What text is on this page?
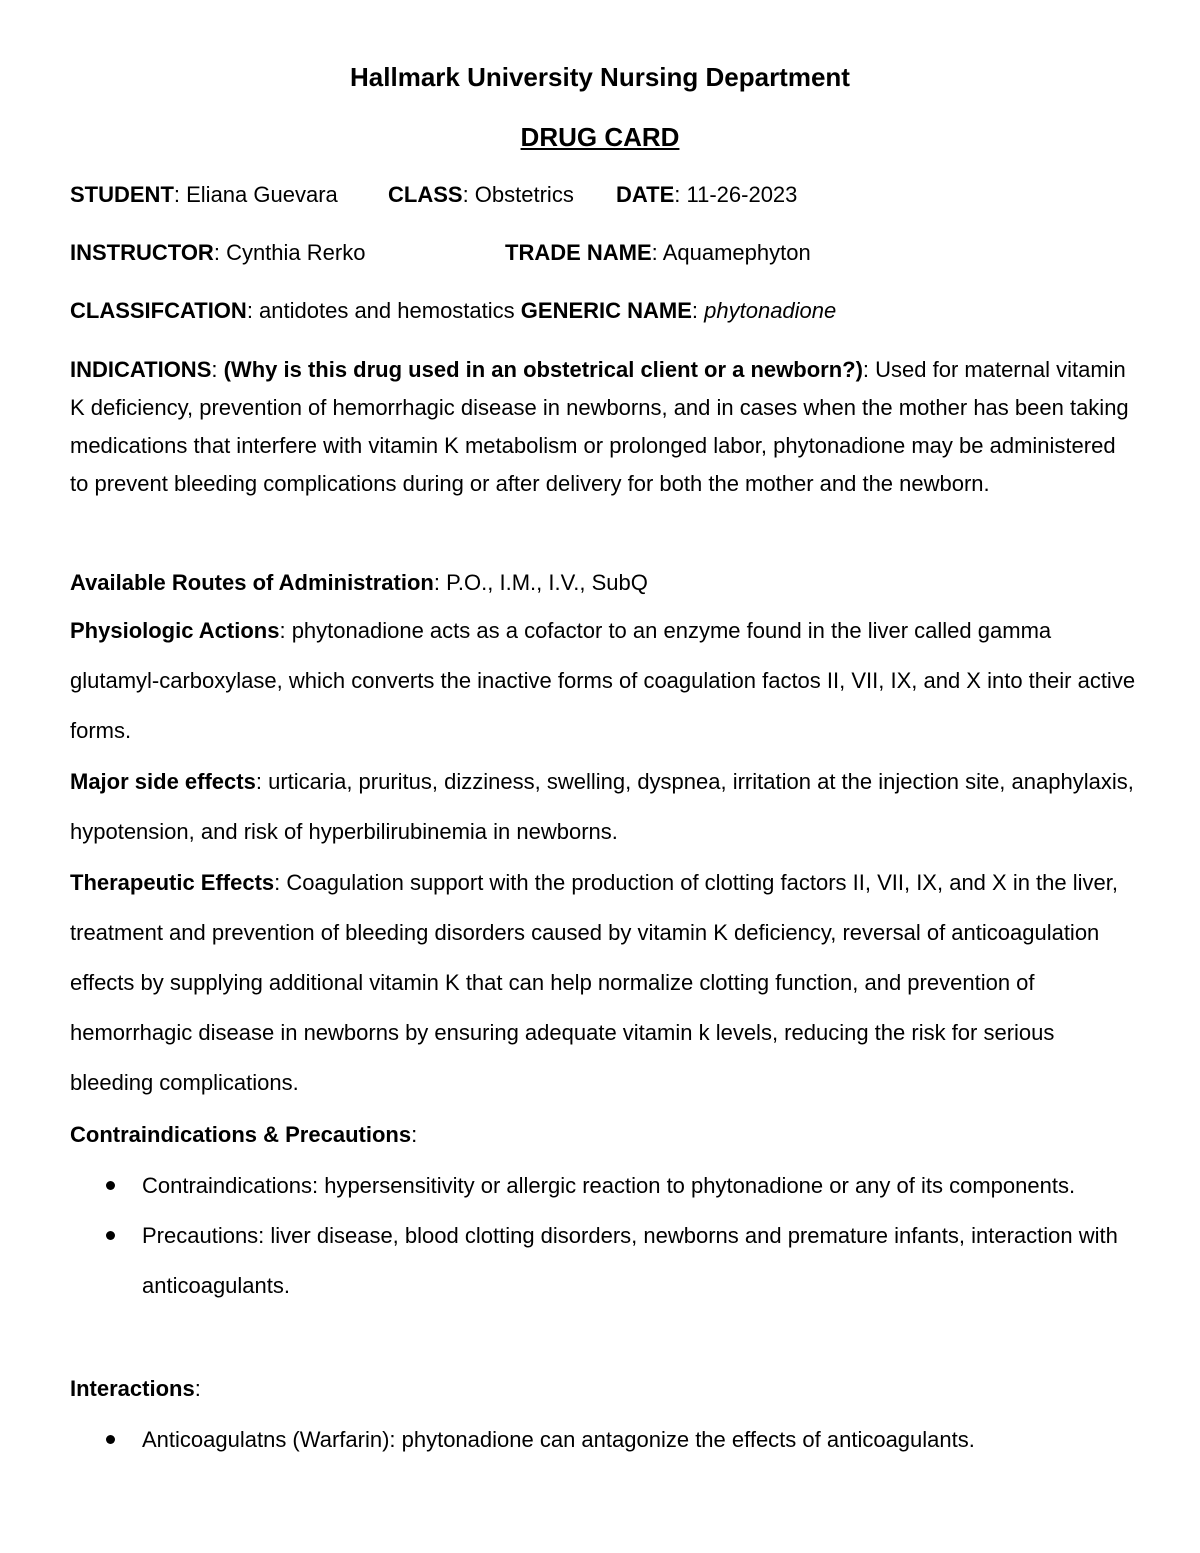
Hallmark University Nursing Department
DRUG CARD
STUDENT: Eliana Guevara CLASS: Obstetrics DATE: 11-26-2023
INSTRUCTOR: Cynthia Rerko	TRADE NAME: Aquamephyton
CLASSIFCATION: antidotes and hemostatics GENERIC NAME: phytonadione
INDICATIONS: (Why is this drug used in an obstetrical client or a newborn?): Used for maternal vitamin K deficiency, prevention of hemorrhagic disease in newborns, and in cases when the mother has been taking medications that interfere with vitamin K metabolism or prolonged labor, phytonadione may be administered to prevent bleeding complications during or after delivery for both the mother and the newborn.
Available Routes of Administration: P.O., I.M., I.V., SubQ
Physiologic Actions: phytonadione acts as a cofactor to an enzyme found in the liver called gamma glutamyl-carboxylase, which converts the inactive forms of coagulation factos II, VII, IX, and X into their active forms.
Major side effects: urticaria, pruritus, dizziness, swelling, dyspnea, irritation at the injection site, anaphylaxis, hypotension, and risk of hyperbilirubinemia in newborns.
Therapeutic Effects: Coagulation support with the production of clotting factors II, VII, IX, and X in the liver, treatment and prevention of bleeding disorders caused by vitamin K deficiency, reversal of anticoagulation effects by supplying additional vitamin K that can help normalize clotting function, and prevention of hemorrhagic disease in newborns by ensuring adequate vitamin k levels, reducing the risk for serious bleeding complications.
Contraindications & Precautions:
Contraindications: hypersensitivity or allergic reaction to phytonadione or any of its components.
Precautions: liver disease, blood clotting disorders, newborns and premature infants, interaction with anticoagulants.
Interactions:
Anticoagulatns (Warfarin): phytonadione can antagonize the effects of anticoagulants.
